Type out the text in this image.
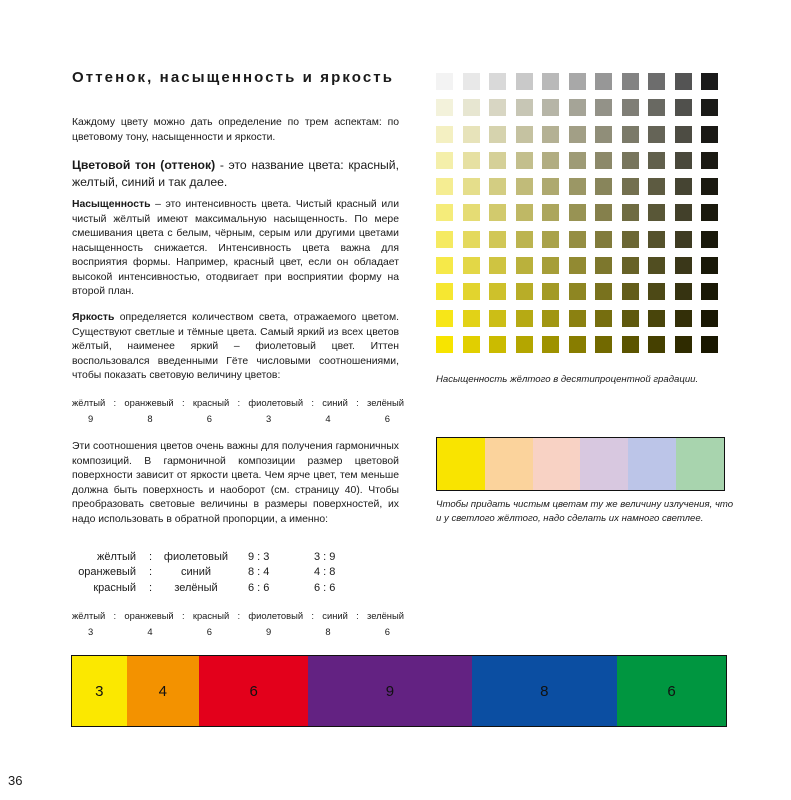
Оттенок, насыщенность и яркость
Каждому цвету можно дать определение по трем аспектам: по цветовому тону, насыщенности и яркости.
Цветовой тон (оттенок) - это название цвета: красный, желтый, синий и так далее.
Насыщенность – это интенсивность цвета. Чистый красный или чистый жёлтый имеют максимальную насыщенность. По мере смешивания цвета с белым, чёрным, серым или другими цветами насыщенность снижается. Интенсивность цвета важна для восприятия формы. Например, красный цвет, если он обладает высокой интенсивностью, отодвигает при восприятии форму на второй план.
Яркость определяется количеством света, отражаемого цветом. Существуют светлые и тёмные цвета. Самый яркий из всех цветов жёлтый, наименее яркий – фиолетовый цвет. Иттен воспользовался введенными Гёте числовыми соотношениями, чтобы показать световую величину цветов:
жёлтый : оранжевый : красный : фиолетовый : синий : зелёный
9	8	6	3	4	6
Эти соотношения цветов очень важны для получения гармоничных композиций. В гармоничной композиции размер цветовой поверхности зависит от яркости цвета. Чем ярче цвет, тем меньше должна быть поверхность и наоборот (см. страницу 40). Чтобы преобразовать световые величины в размеры поверхностей, их надо использовать в обратной пропорции, а именно:
жёлтый :	фиолетовый	9 : 3	3 : 9
оранжевый :	синий	8 : 4	4 : 8
красный :	зелёный	6 : 6	6 : 6
жёлтый : оранжевый : красный : фиолетовый : синий : зелёный
3	4	6	9	8	6
Насыщенность жёлтого в десятипроцентной градации.
Чтобы придать чистым цветам ту же величину излучения, что и у светлого жёлтого, надо сделать их намного светлее.
3	4	6	9	8	6
36
